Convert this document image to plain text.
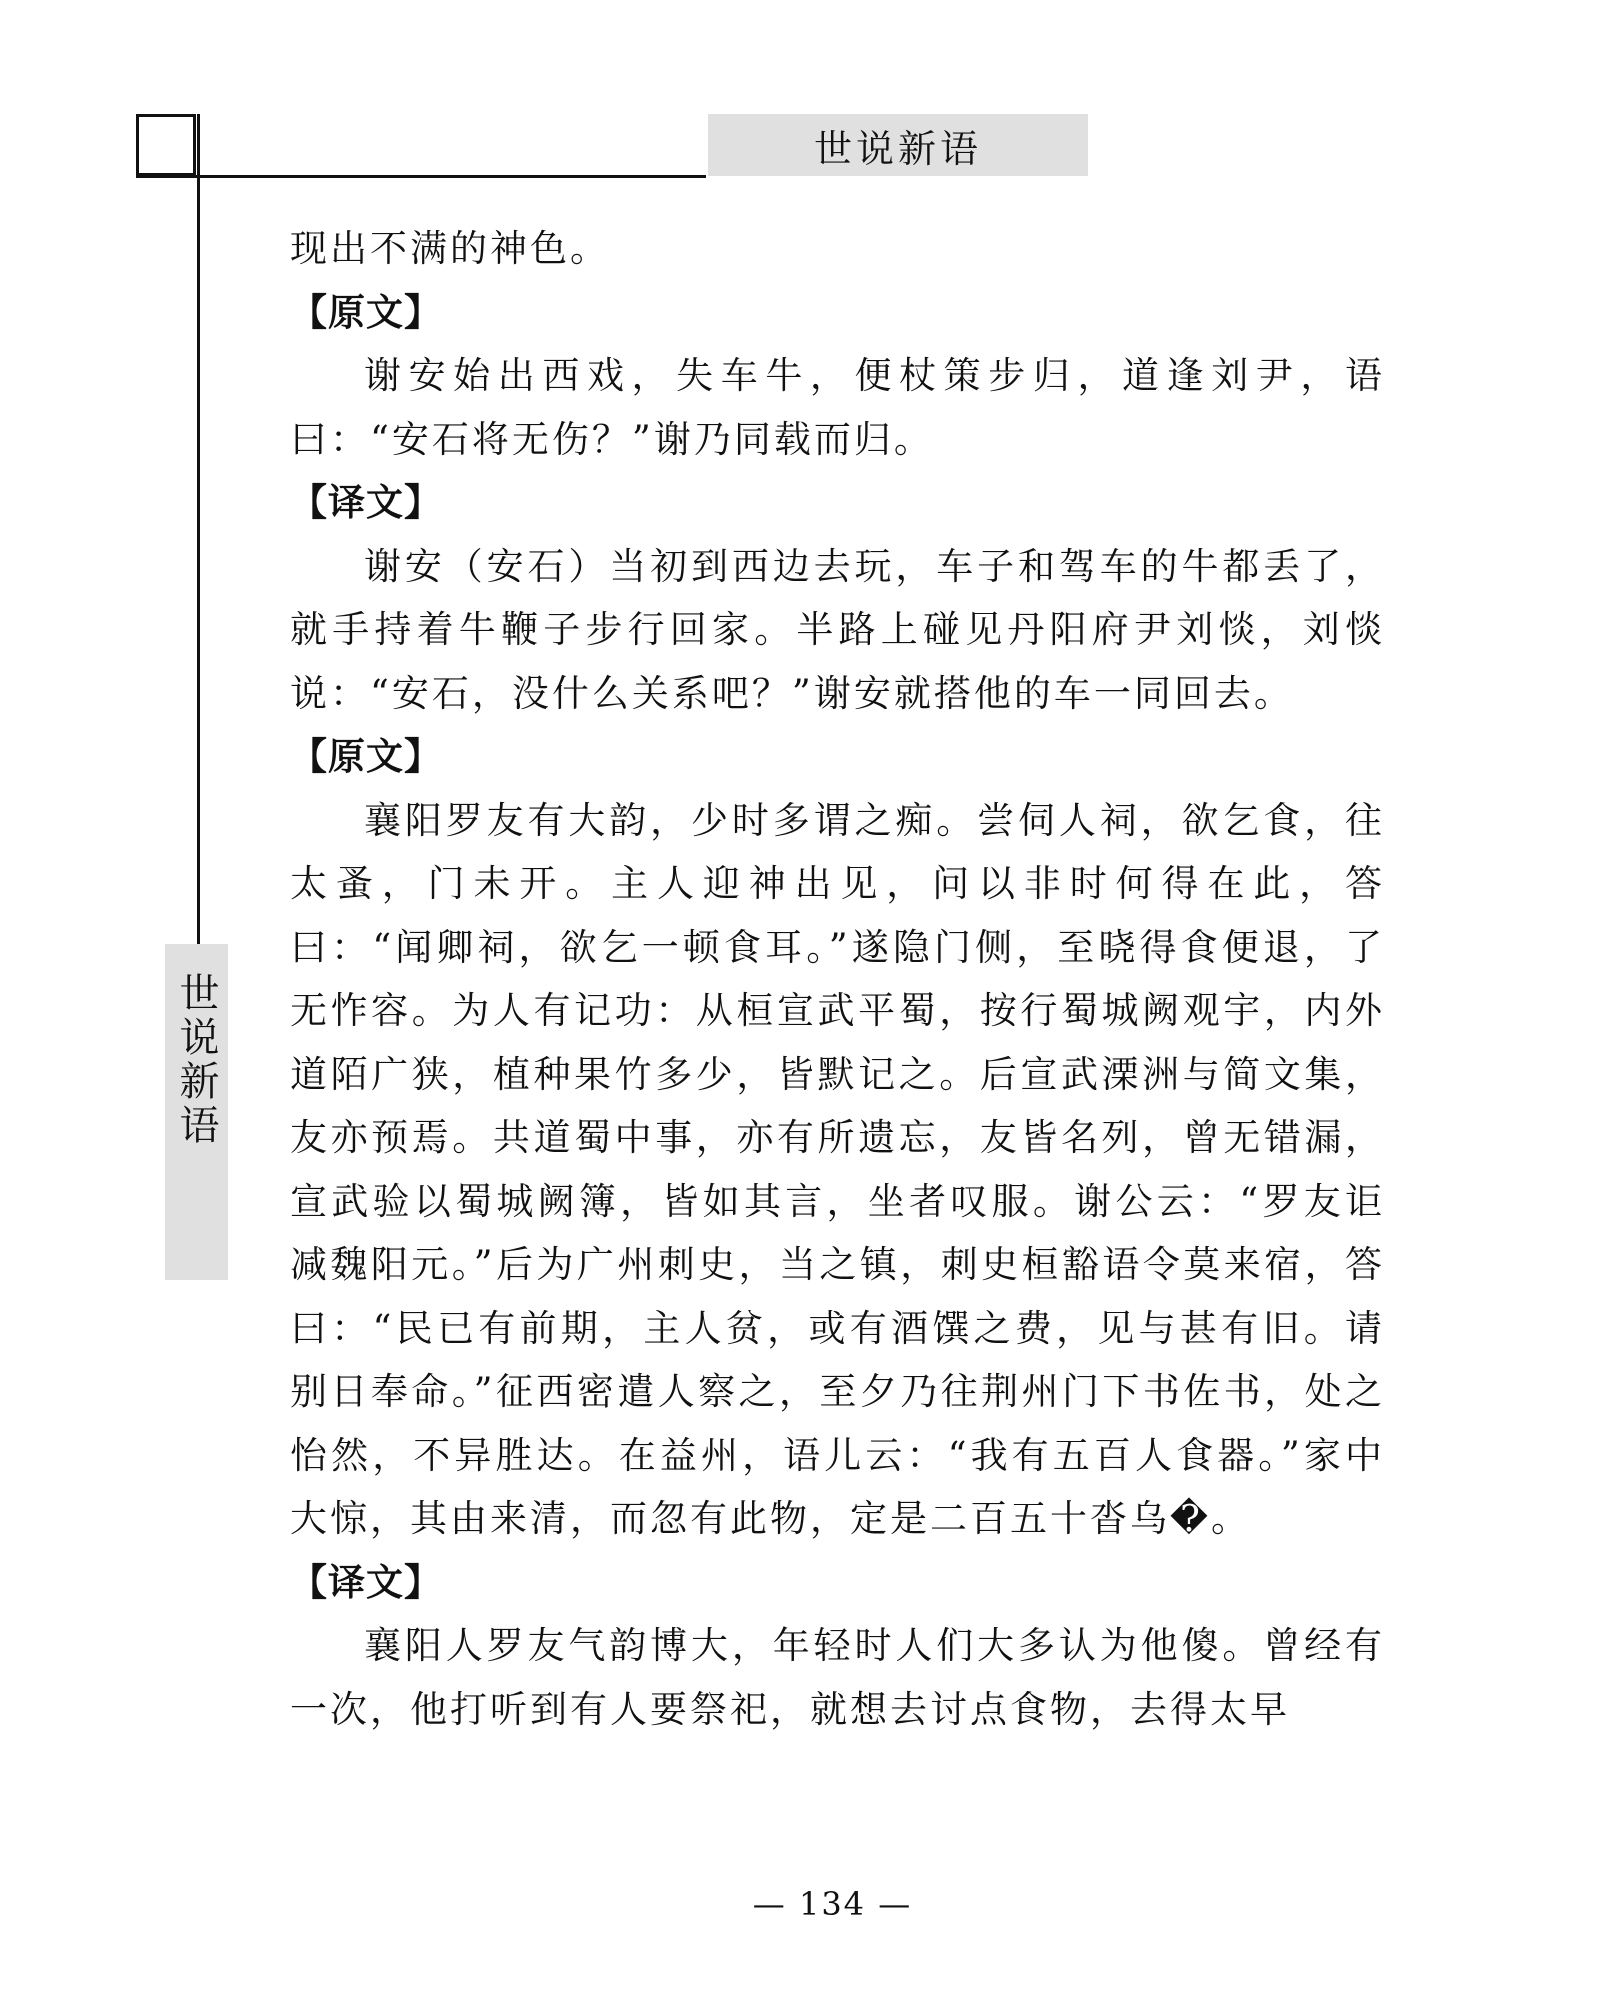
世说新语
世说新语

现出不满的神色。

【原文】

谢安始出西戏，失车牛，便杖策步归，道逢刘尹，语曰：“安石将无伤？”谢乃同载而归。

【译文】

谢安（安石）当初到西边去玩，车子和驾车的牛都丢了，就手持着牛鞭子步行回家。半路上碰见丹阳府尹刘惔，刘惔说：“安石，没什么关系吧？”谢安就搭他的车一同回去。

【原文】

襄阳罗友有大韵，少时多谓之痴。尝伺人祠，欲乞食，往太蚤，门未开。主人迎神出见，问以非时何得在此，答曰：“闻卿祠，欲乞一顿食耳。”遂隐门侧，至晓得食便退，了无怍容。为人有记功：从桓宣武平蜀，按行蜀城阙观宇，内外道陌广狭，植种果竹多少，皆默记之。后宣武溧洲与简文集，友亦预焉。共道蜀中事，亦有所遗忘，友皆名列，曾无错漏，宣武验以蜀城阙簿，皆如其言，坐者叹服。谢公云：“罗友讵减魏阳元。”后为广州刺史，当之镇，刺史桓豁语令莫来宿，答曰：“民已有前期，主人贫，或有酒馔之费，见与甚有旧。请别日奉命。”征西密遣人察之，至夕乃往荆州门下书佐书，处之怡然，不异胜达。在益州，语儿云：“我有五百人食器。”家中大惊，其由来清，而忽有此物，定是二百五十沓乌�。

【译文】

襄阳人罗友气韵博大，年轻时人们大多认为他傻。曾经有一次，他打听到有人要祭祀，就想去讨点食物，去得太早

— 134 —
